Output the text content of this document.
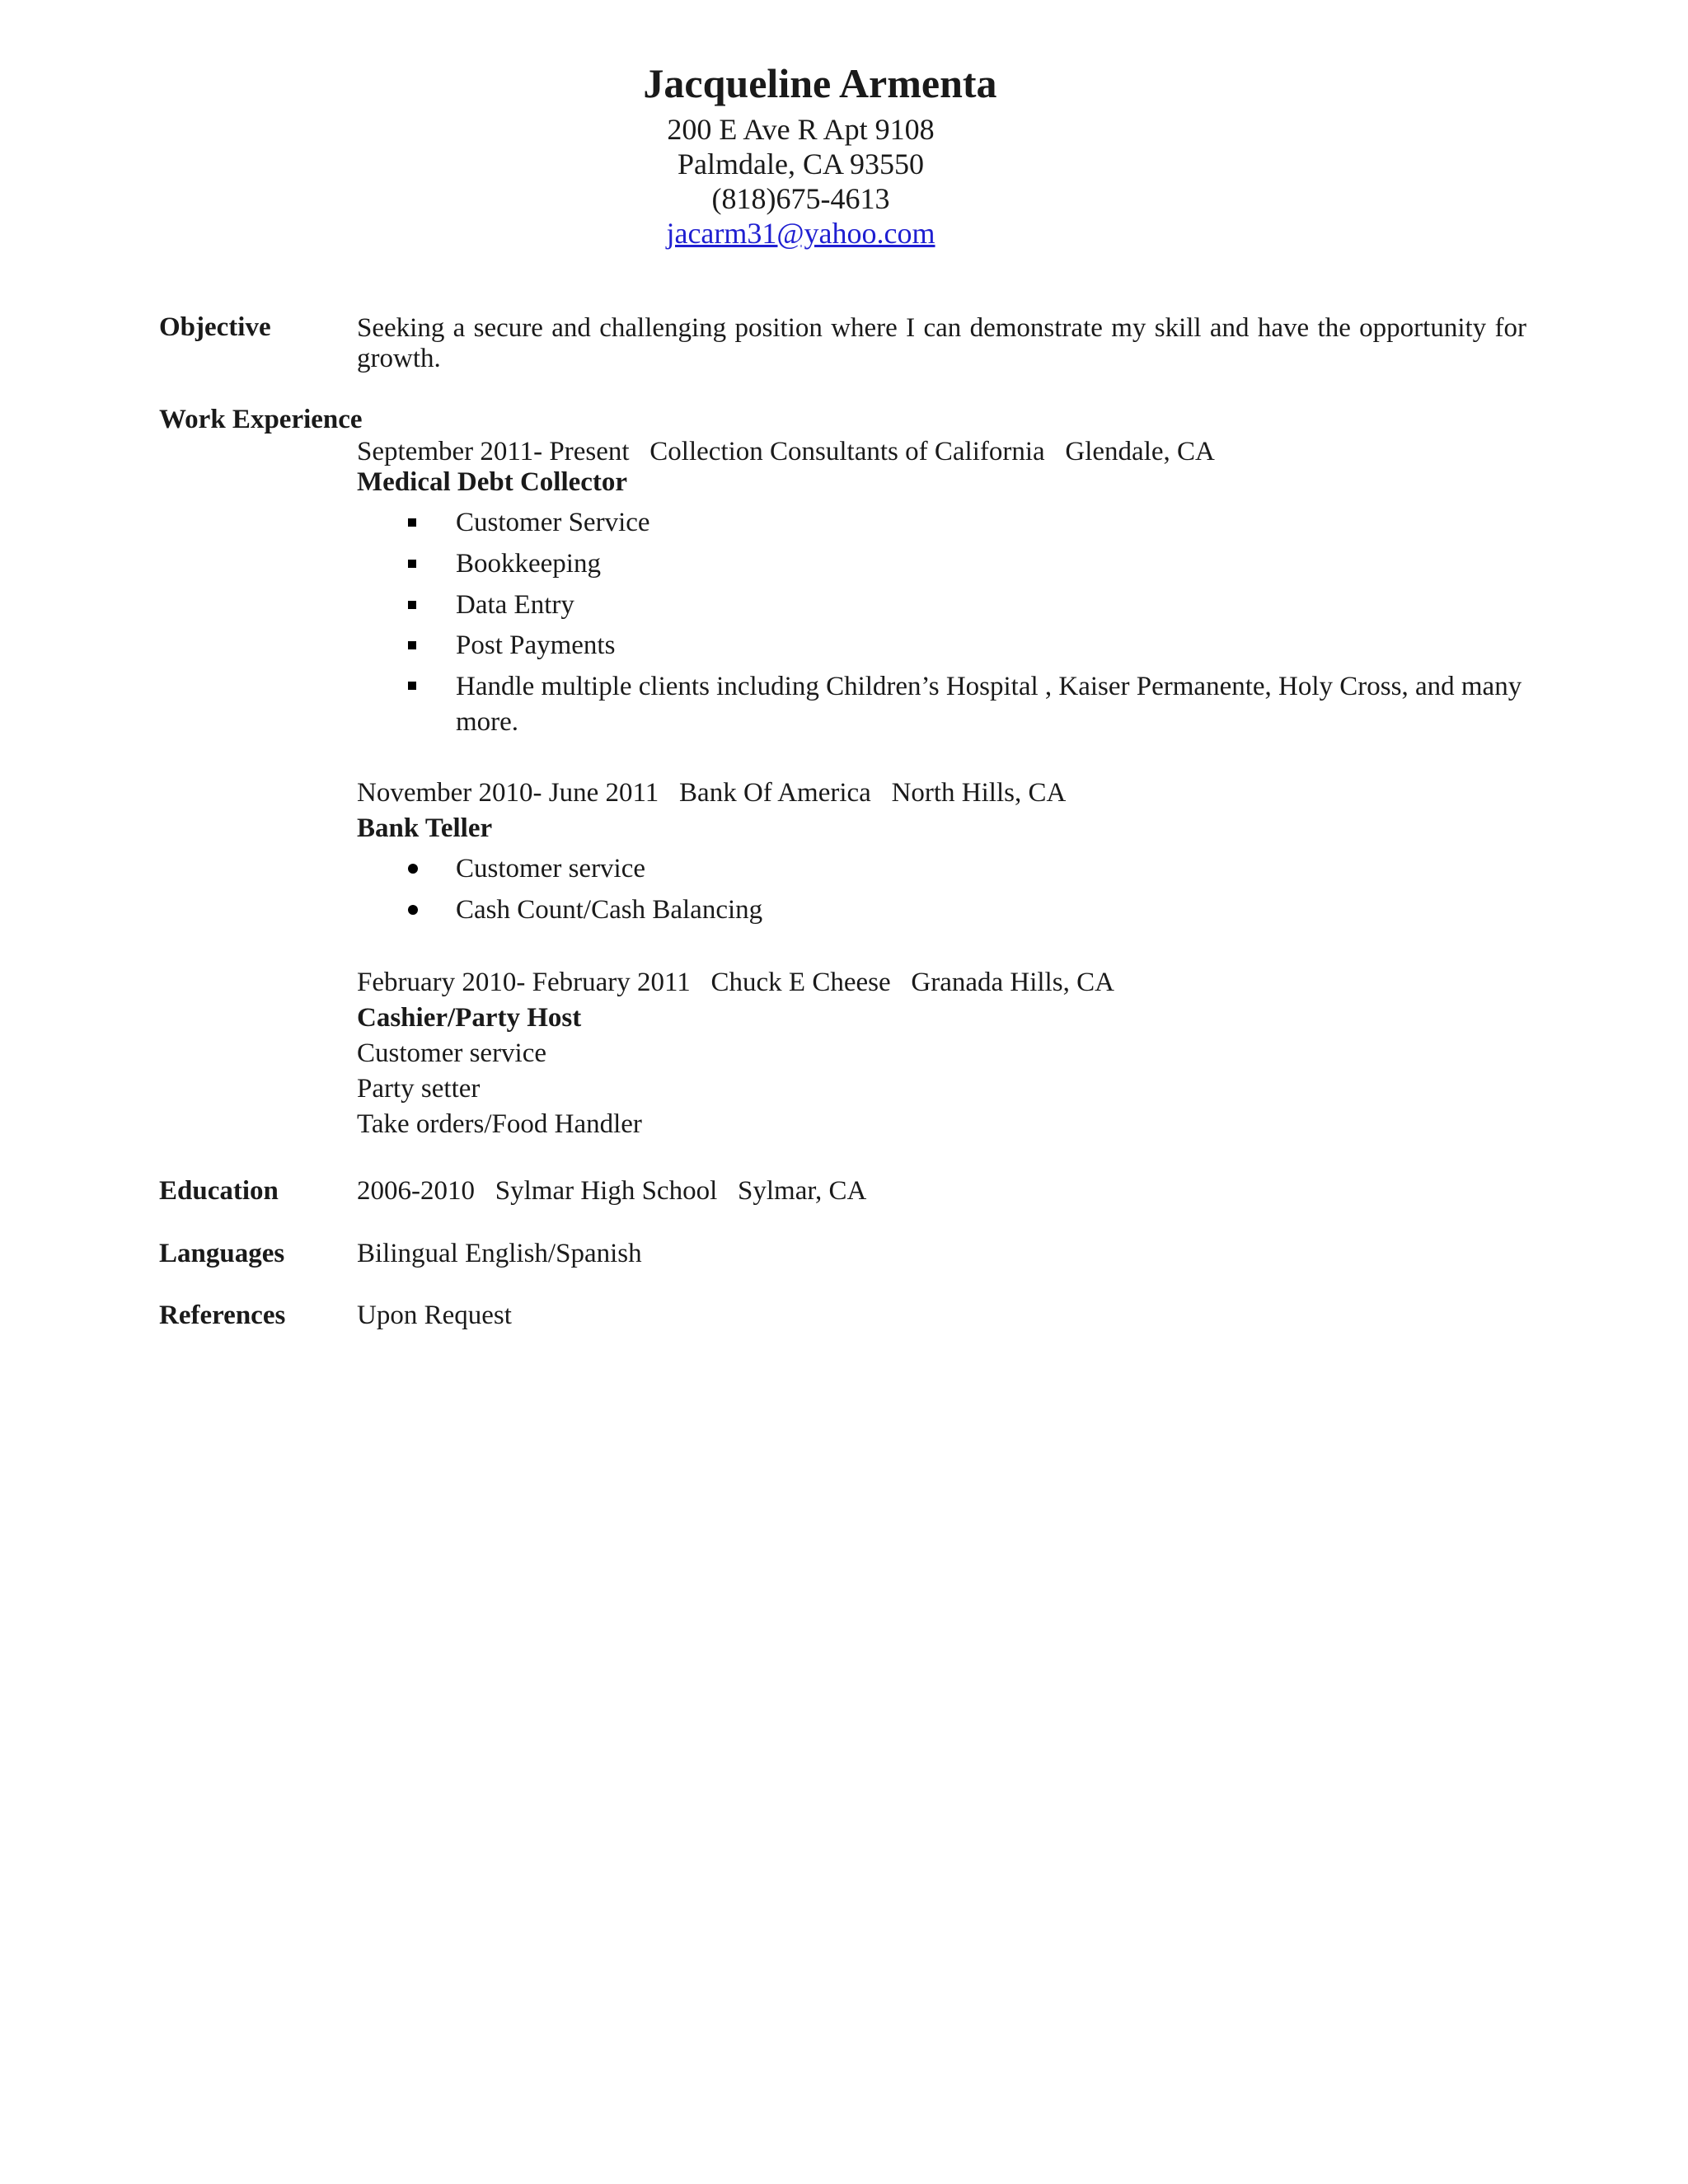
Jacqueline Armenta
200 E Ave R Apt 9108
Palmdale, CA 93550
(818)675-4613
jacarm31@yahoo.com
Objective	Seeking a secure and challenging position where I can demonstrate my skill and have the opportunity for growth.
Work Experience
September 2011- Present Collection Consultants of California Glendale, CA
Medical Debt Collector
Customer Service
Bookkeeping
Data Entry
Post Payments
Handle multiple clients including Children’s Hospital , Kaiser Permanente, Holy Cross, and many more.
November 2010- June 2011 Bank Of America North Hills, CA
Bank Teller
Customer service
Cash Count/Cash Balancing
February 2010- February 2011 Chuck E Cheese Granada Hills, CA
Cashier/Party Host
Customer service
Party setter
Take orders/Food Handler
Education	2006-2010 Sylmar High School Sylmar, CA
Languages	Bilingual English/Spanish
References	Upon Request
